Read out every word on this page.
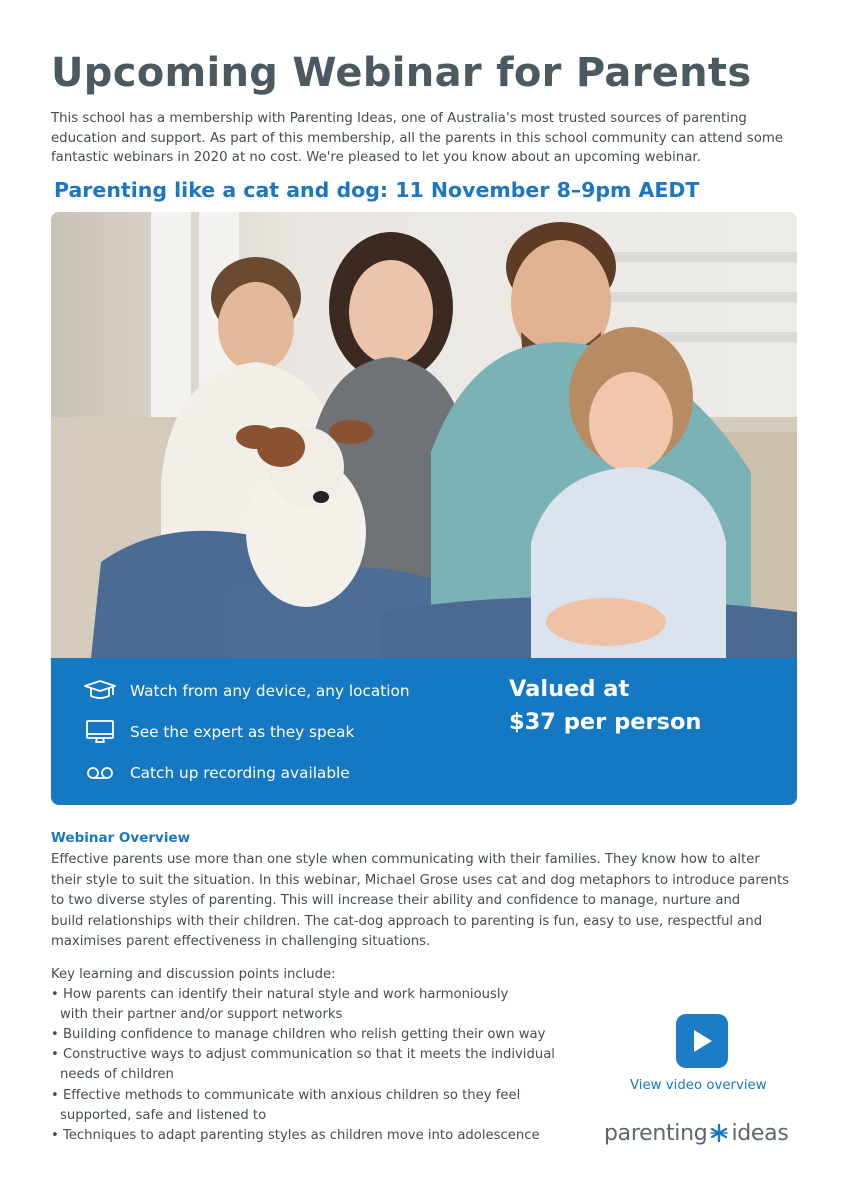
Upcoming Webinar for Parents

This school has a membership with Parenting Ideas, one of Australia's most trusted sources of parenting education and support. As part of this membership, all the parents in this school community can attend some fantastic webinars in 2020 at no cost. We're pleased to let you know about an upcoming webinar.

Parenting like a cat and dog: 11 November 8–9pm AEDT
Watch from any device, any location
See the expert as they speak
Catch up recording available
Valued at
$37 per person
Webinar Overview
Effective parents use more than one style when communicating with their families. They know how to alter
their style to suit the situation. In this webinar, Michael Grose uses cat and dog metaphors to introduce parents
to two diverse styles of parenting. This will increase their ability and confidence to manage, nurture and
build relationships with their children. The cat-dog approach to parenting is fun, easy to use, respectful and
maximises parent effectiveness in challenging situations.
Key learning and discussion points include:
• How parents can identify their natural style and work harmoniously
with their partner and/or support networks
• Building confidence to manage children who relish getting their own way
• Constructive ways to adjust communication so that it meets the individual
needs of children
• Effective methods to communicate with anxious children so they feel
supported, safe and listened to
• Techniques to adapt parenting styles as children move into adolescence
View video overview
parenting ideas
